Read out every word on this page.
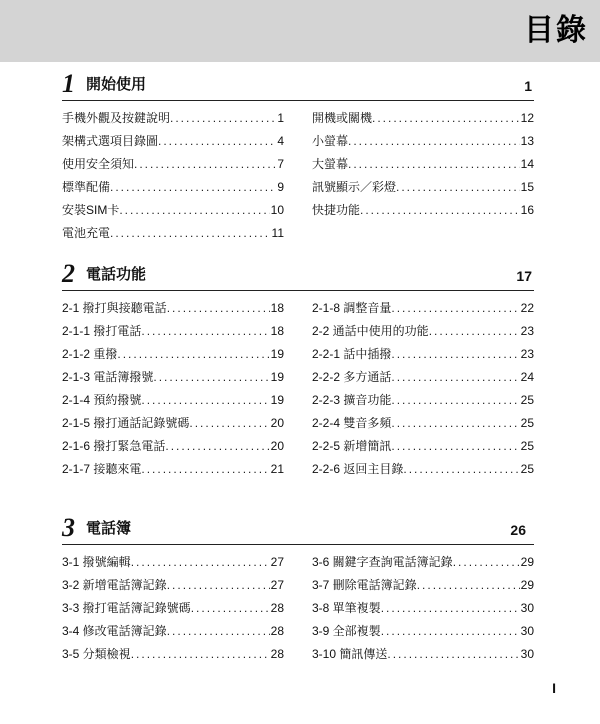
目錄
1 開始使用	1
手機外觀及按鍵說明 .....	1
架構式選項目錄圖 .....	4
使用安全須知 .....	7
標準配備 .....	9
安裝SIM卡 .....	10
電池充電 .....	11
開機或關機 .....	12
小螢幕 .....	13
大螢幕 .....	14
訊號顯示／彩燈 .....	15
快捷功能 .....	16
2 電話功能	17
2-1 撥打與接聽電話 .....	18
2-1-1 撥打電話 .....	18
2-1-2 重撥 .....	19
2-1-3 電話簿撥號 .....	19
2-1-4 預約撥號 .....	19
2-1-5 撥打通話記錄號碼 .....	20
2-1-6 撥打緊急電話 .....	20
2-1-7 接聽來電 .....	21
2-1-8 調整音量 .....	22
2-2 通話中使用的功能 .....	23
2-2-1 話中插撥 .....	23
2-2-2 多方通話 .....	24
2-2-3 擴音功能 .....	25
2-2-4 雙音多頻 .....	25
2-2-5 新增簡訊 .....	25
2-2-6 返回主目錄 .....	25
3 電話簿	26
3-1 撥號編輯 .....	27
3-2 新增電話簿記錄 .....	27
3-3 撥打電話簿記錄號碼 .....	28
3-4 修改電話簿記錄 .....	28
3-5 分類檢視 .....	28
3-6 關鍵字查詢電話簿記錄 .....	29
3-7 刪除電話簿記錄 .....	29
3-8 單筆複製 .....	30
3-9 全部複製 .....	30
3-10 簡訊傳送 .....	30
I
